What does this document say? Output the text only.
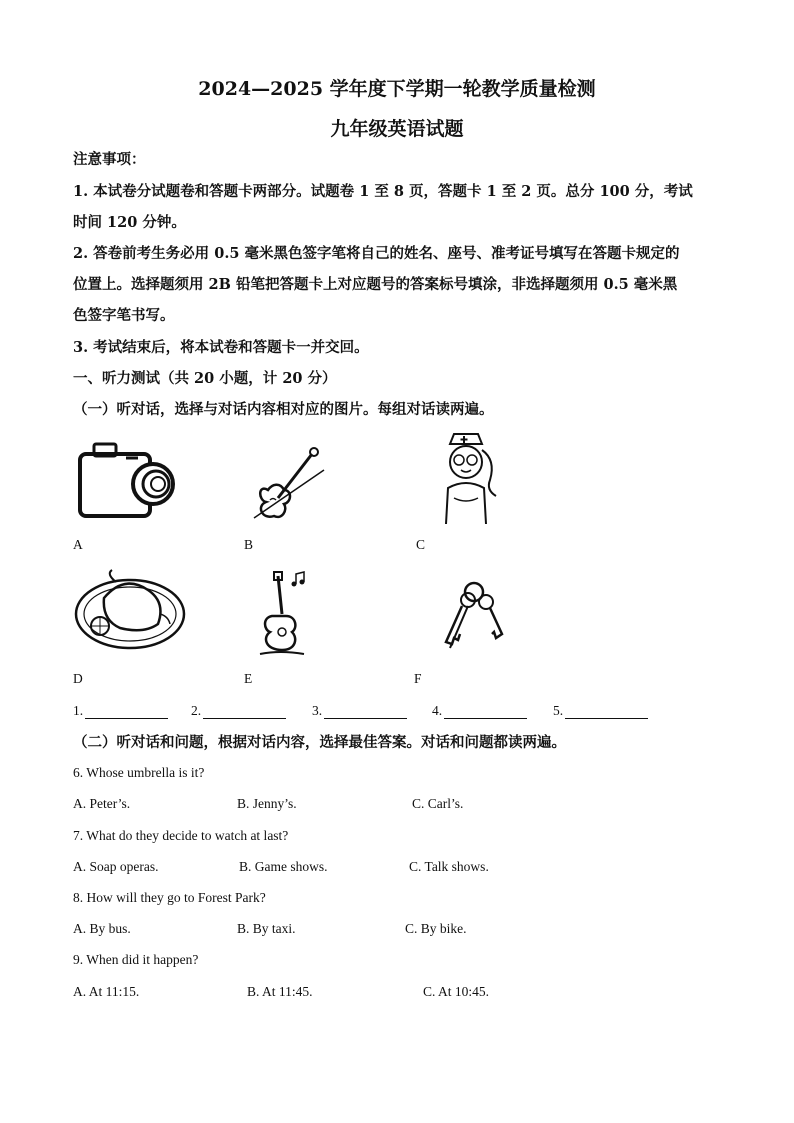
2024—2025 学年度下学期一轮教学质量检测
九年级英语试题
注意事项：
1. 本试卷分试题卷和答题卡两部分。试题卷 1 至 8 页，答题卡 1 至 2 页。总分 100 分，考试
时间 120 分钟。
2. 答卷前考生务必用 0.5 毫米黑色签字笔将自己的姓名、座号、准考证号填写在答题卡规定的
位置上。选择题须用 2B 铅笔把答题卡上对应题号的答案标号填涂，非选择题须用 0.5 毫米黑
色签字笔书写。
3. 考试结束后，将本试卷和答题卡一并交回。
一、听力测试（共 20 小题，计 20 分）
（一）听对话，选择与对话内容相对应的图片。每组对话读两遍。
A	B	C
D	E	F
1.	2.	3.	4.	5.
（二）听对话和问题，根据对话内容，选择最佳答案。对话和问题都读两遍。
6. Whose umbrella is it?
A. Peter’s.	B. Jenny’s.	C. Carl’s.
7. What do they decide to watch at last?
A. Soap operas.	B. Game shows.	C. Talk shows.
8. How will they go to Forest Park?
A. By bus.	B. By taxi.	C. By bike.
9. When did it happen?
A. At 11:15.	B. At 11:45.	C. At 10:45.
